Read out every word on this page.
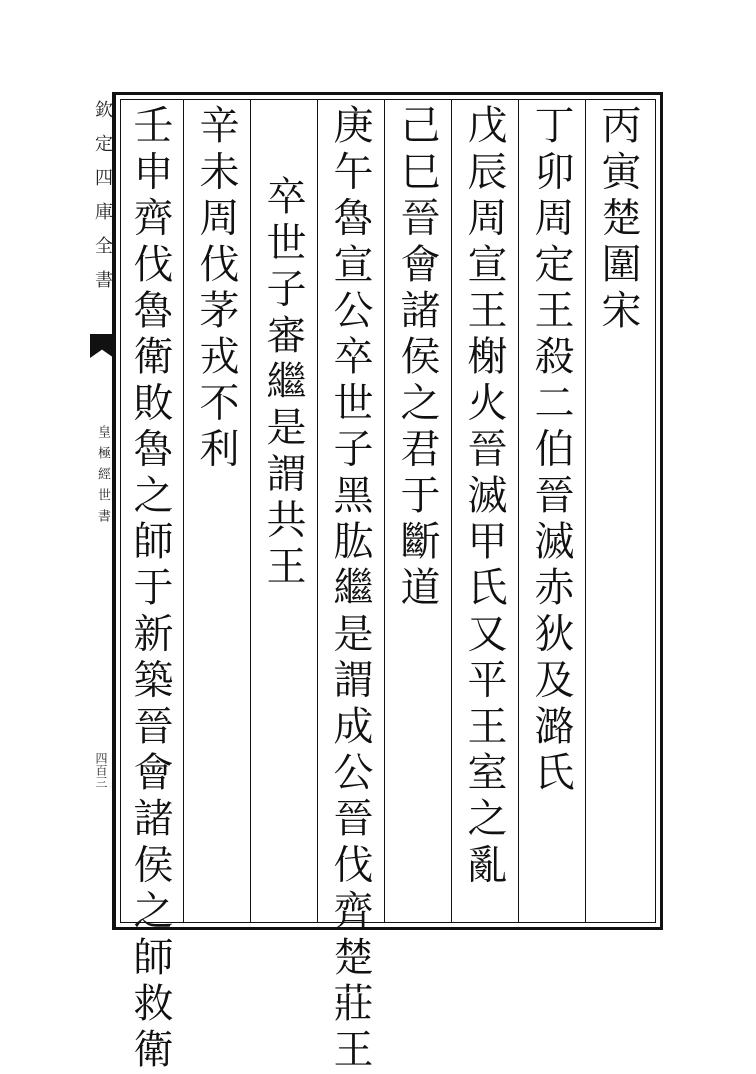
欽定四庫全書
皇極經世書
四百三
丙寅楚圍宋
丁卯周定王殺二伯晉滅赤狄及潞氏
戊辰周宣王榭火晉滅甲氏又平王室之亂
己巳晉會諸侯之君于斷道
庚午魯宣公卒世子黑肱繼是謂成公晉伐齊楚莊王
卒世子審繼是謂共王
辛未周伐茅戎不利
壬申齊伐魯衛敗魯之師于新築晉會諸侯之師救衛
